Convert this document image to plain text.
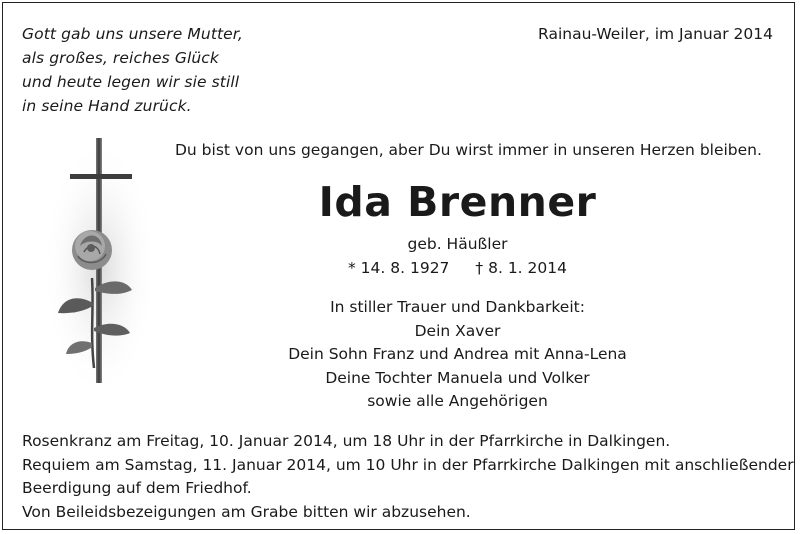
Gott gab uns unsere Mutter,
als großes, reiches Glück
und heute legen wir sie still
in seine Hand zurück.
Rainau-Weiler, im Januar 2014
Du bist von uns gegangen, aber Du wirst immer in unseren Herzen bleiben.
Ida Brenner
geb. Häußler
* 14. 8. 1927 † 8. 1. 2014
In stiller Trauer und Dankbarkeit:
Dein Xaver
Dein Sohn Franz und Andrea mit Anna-Lena
Deine Tochter Manuela und Volker
sowie alle Angehörigen
Rosenkranz am Freitag, 10. Januar 2014, um 18 Uhr in der Pfarrkirche in Dalkingen.
Requiem am Samstag, 11. Januar 2014, um 10 Uhr in der Pfarrkirche Dalkingen mit anschließender
Beerdigung auf dem Friedhof.
Von Beileidsbezeigungen am Grabe bitten wir abzusehen.
